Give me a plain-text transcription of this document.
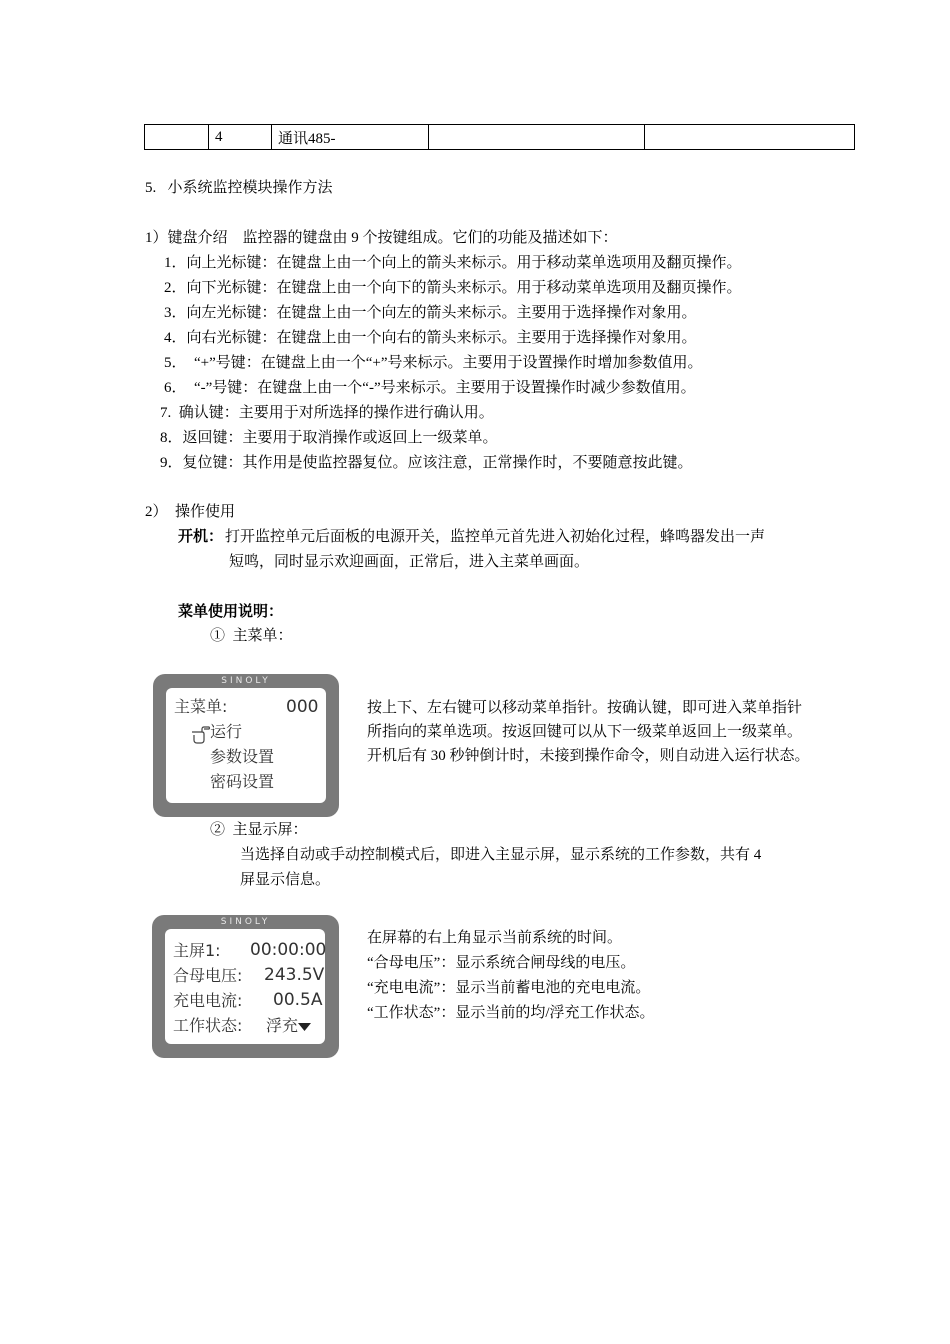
	4	通讯485-		
5.   小系统监控模块操作方法
1）键盘介绍    监控器的键盘由 9 个按键组成。它们的功能及描述如下：
1．向上光标键：在键盘上由一个向上的箭头来标示。用于移动菜单选项用及翻页操作。
2．向下光标键：在键盘上由一个向下的箭头来标示。用于移动菜单选项用及翻页操作。
3．向左光标键：在键盘上由一个向左的箭头来标示。主要用于选择操作对象用。
4．向右光标键：在键盘上由一个向右的箭头来标示。主要用于选择操作对象用。
5．  “+”号键：在键盘上由一个“+”号来标示。主要用于设置操作时增加参数值用。
6．  “-”号键：在键盘上由一个“-”号来标示。主要用于设置操作时减少参数值用。
7.  确认键：主要用于对所选择的操作进行确认用。
8．返回键：主要用于取消操作或返回上一级菜单。
9．复位键：其作用是使监控器复位。应该注意，正常操作时，不要随意按此键。
2）  操作使用
开机： 打开监控单元后面板的电源开关，监控单元首先进入初始化过程，蜂鸣器发出一声
短鸣，同时显示欢迎画面，正常后，进入主菜单画面。
菜单使用说明：
①  主菜单：
SINOLY
主菜单:	000
运行
参数设置
密码设置
按上下、左右键可以移动菜单指针。按确认键，即可进入菜单指针
所指向的菜单选项。按返回键可以从下一级菜单返回上一级菜单。
开机后有 30 秒钟倒计时，未接到操作命令，则自动进入运行状态。
②  主显示屏：
当选择自动或手动控制模式后，即进入主显示屏，显示系统的工作参数，共有 4
屏显示信息。
SINOLY
主屏1: 00:00:00
合母电压: 243.5V
充电电流: 00.5A
工作状态: 浮充
在屏幕的右上角显示当前系统的时间。
“合母电压”：显示系统合闸母线的电压。
“充电电流”：显示当前蓄电池的充电电流。
“工作状态”：显示当前的均/浮充工作状态。
